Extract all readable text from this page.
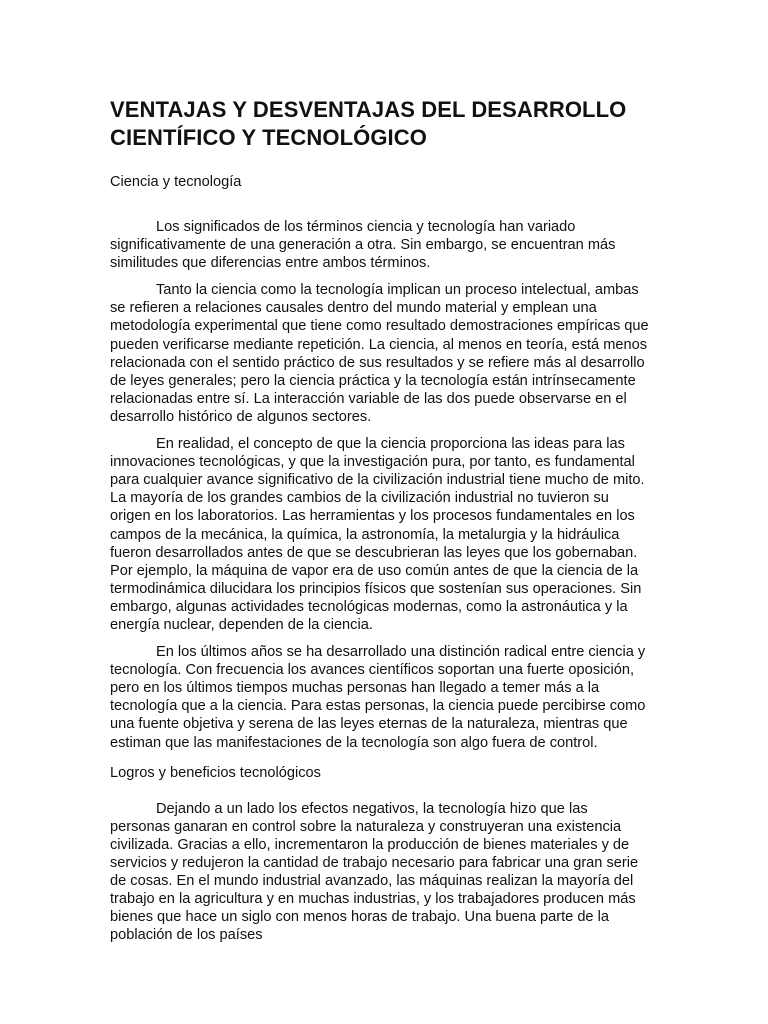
VENTAJAS Y DESVENTAJAS DEL DESARROLLO CIENTÍFICO Y TECNOLÓGICO

Ciencia y tecnología

Los significados de los términos ciencia y tecnología han variado significativamente de una generación a otra. Sin embargo, se encuentran más similitudes que diferencias entre ambos términos.

Tanto la ciencia como la tecnología implican un proceso intelectual, ambas se refieren a relaciones causales dentro del mundo material y emplean una metodología experimental que tiene como resultado demostraciones empíricas que pueden verificarse mediante repetición. La ciencia, al menos en teoría, está menos relacionada con el sentido práctico de sus resultados y se refiere más al desarrollo de leyes generales; pero la ciencia práctica y la tecnología están intrínsecamente relacionadas entre sí. La interacción variable de las dos puede observarse en el desarrollo histórico de algunos sectores.

En realidad, el concepto de que la ciencia proporciona las ideas para las innovaciones tecnológicas, y que la investigación pura, por tanto, es fundamental para cualquier avance significativo de la civilización industrial tiene mucho de mito. La mayoría de los grandes cambios de la civilización industrial no tuvieron su origen en los laboratorios. Las herramientas y los procesos fundamentales en los campos de la mecánica, la química, la astronomía, la metalurgia y la hidráulica fueron desarrollados antes de que se descubrieran las leyes que los gobernaban. Por ejemplo, la máquina de vapor era de uso común antes de que la ciencia de la termodinámica dilucidara los principios físicos que sostenían sus operaciones. Sin embargo, algunas actividades tecnológicas modernas, como la astronáutica y la energía nuclear, dependen de la ciencia.

En los últimos años se ha desarrollado una distinción radical entre ciencia y tecnología. Con frecuencia los avances científicos soportan una fuerte oposición, pero en los últimos tiempos muchas personas han llegado a temer más a la tecnología que a la ciencia. Para estas personas, la ciencia puede percibirse como una fuente objetiva y serena de las leyes eternas de la naturaleza, mientras que estiman que las manifestaciones de la tecnología son algo fuera de control.

Logros y beneficios tecnológicos

Dejando a un lado los efectos negativos, la tecnología hizo que las personas ganaran en control sobre la naturaleza y construyeran una existencia civilizada. Gracias a ello, incrementaron la producción de bienes materiales y de servicios y redujeron la cantidad de trabajo necesario para fabricar una gran serie de cosas. En el mundo industrial avanzado, las máquinas realizan la mayoría del trabajo en la agricultura y en muchas industrias, y los trabajadores producen más bienes que hace un siglo con menos horas de trabajo. Una buena parte de la población de los países
